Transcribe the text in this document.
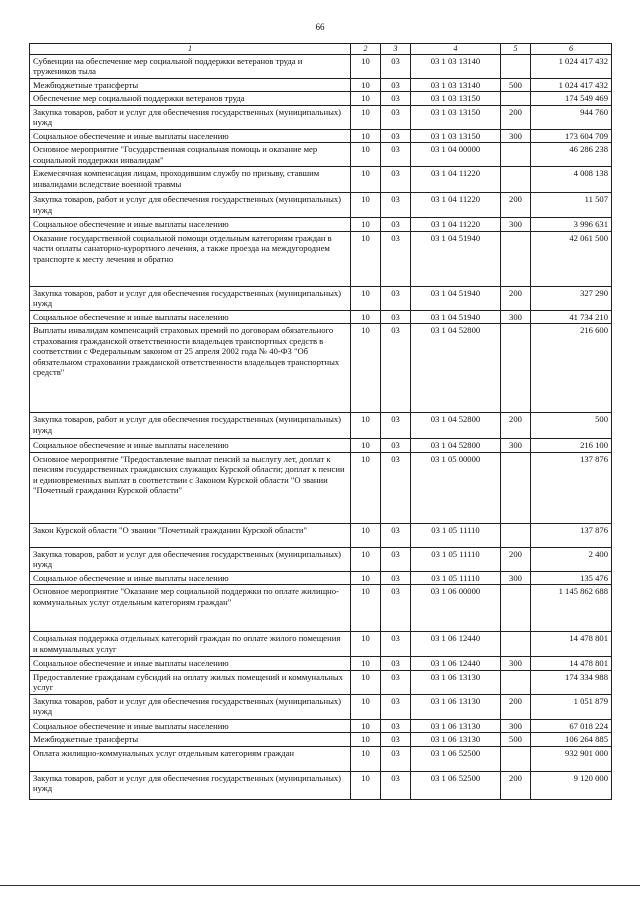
66
1	2	3	4	5	6
Субвенции на обеспечение мер социальной поддержки ветеранов труда и тружеников тыла	10	03	03 1 03 13140		1 024 417 432
Межбюджетные трансферты	10	03	03 1 03 13140	500	1 024 417 432
Обеспечение мер социальной поддержки ветеранов труда	10	03	03 1 03 13150		174 549 469
Закупка товаров, работ и услуг для обеспечения государственных (муниципальных) нужд	10	03	03 1 03 13150	200	944 760
Социальное обеспечение и иные выплаты населению	10	03	03 1 03 13150	300	173 604 709
Основное мероприятие "Государственная социальная помощь и оказание мер социальной поддержки инвалидам"	10	03	03 1 04 00000		46 286 238
Ежемесячная компенсация лицам, проходившим службу по призыву, ставшим инвалидами вследствие военной травмы	10	03	03 1 04 11220		4 008 138
Закупка товаров, работ и услуг для обеспечения государственных (муниципальных) нужд	10	03	03 1 04 11220	200	11 507
Социальное обеспечение и иные выплаты населению	10	03	03 1 04 11220	300	3 996 631
Оказание государственной социальной помощи отдельным категориям граждан в части оплаты санаторно-курортного лечения, а также проезда на междугороднем транспорте к месту лечения и обратно	10	03	03 1 04 51940		42 061 500
Закупка товаров, работ и услуг для обеспечения государственных (муниципальных) нужд	10	03	03 1 04 51940	200	327 290
Социальное обеспечение и иные выплаты населению	10	03	03 1 04 51940	300	41 734 210
Выплаты инвалидам компенсаций страховых премий по договорам обязательного страхования гражданской ответственности владельцев транспортных средств в соответствии с Федеральным законом от 25 апреля 2002 года № 40-ФЗ "Об обязательном страховании гражданской ответственности владельцев транспортных средств"	10	03	03 1 04 52800		216 600
Закупка товаров, работ и услуг для обеспечения государственных (муниципальных) нужд	10	03	03 1 04 52800	200	500
Социальное обеспечение и иные выплаты населению	10	03	03 1 04 52800	300	216 100
Основное мероприятие "Предоставление выплат пенсий за выслугу лет, доплат к пенсиям государственных гражданских служащих Курской области; доплат к пенсии и единовременных выплат в соответствии с Законом Курской области "О звании "Почетный гражданин Курской области"	10	03	03 1 05 00000		137 876
Закон Курской области "О звании "Почетный гражданин Курской области"	10	03	03 1 05 11110		137 876
Закупка товаров, работ и услуг для обеспечения государственных (муниципальных) нужд	10	03	03 1 05 11110	200	2 400
Социальное обеспечение и иные выплаты населению	10	03	03 1 05 11110	300	135 476
Основное мероприятие "Оказание мер социальной поддержки по оплате жилищно-коммунальных услуг отдельным категориям граждан"	10	03	03 1 06 00000		1 145 862 688
Социальная поддержка отдельных категорий граждан по оплате жилого помещения и коммунальных услуг	10	03	03 1 06 12440		14 478 801
Социальное обеспечение и иные выплаты населению	10	03	03 1 06 12440	300	14 478 801
Предоставление гражданам субсидий на оплату жилых помещений и коммунальных услуг	10	03	03 1 06 13130		174 334 988
Закупка товаров, работ и услуг для обеспечения государственных (муниципальных) нужд	10	03	03 1 06 13130	200	1 051 879
Социальное обеспечение и иные выплаты населению	10	03	03 1 06 13130	300	67 018 224
Межбюджетные трансферты	10	03	03 1 06 13130	500	106 264 885
Оплата жилищно-коммунальных услуг отдельным категориям граждан	10	03	03 1 06 52500		932 901 000
Закупка товаров, работ и услуг для обеспечения государственных (муниципальных) нужд	10	03	03 1 06 52500	200	9 120 000
